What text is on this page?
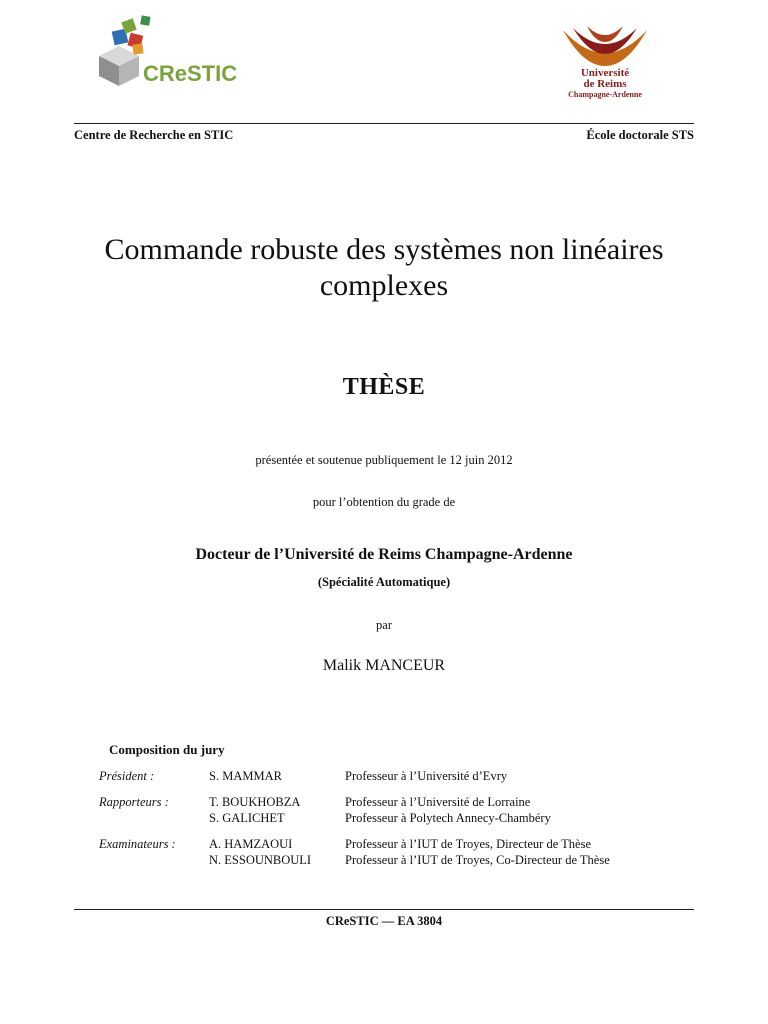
CReSTIC	Université
de Reims
Champagne-Ardenne
Centre de Recherche en STIC	École doctorale STS
Commande robuste des systèmes non linéaires complexes
THÈSE
présentée et soutenue publiquement le 12 juin 2012
pour l’obtention du grade de
Docteur de l’Université de Reims Champagne-Ardenne
(Spécialité Automatique)
par
Malik MANCEUR
Composition du jury
Président :	S. MAMMAR	Professeur à l’Université d’Evry
Rapporteurs :	T. BOUKHOBZA	Professeur à l’Université de Lorraine
S. GALICHET	Professeur à Polytech Annecy-Chambéry
Examinateurs :	A. HAMZAOUI	Professeur à l’IUT de Troyes, Directeur de Thèse
N. ESSOUNBOULI	Professeur à l’IUT de Troyes, Co-Directeur de Thèse
CReSTIC — EA 3804
